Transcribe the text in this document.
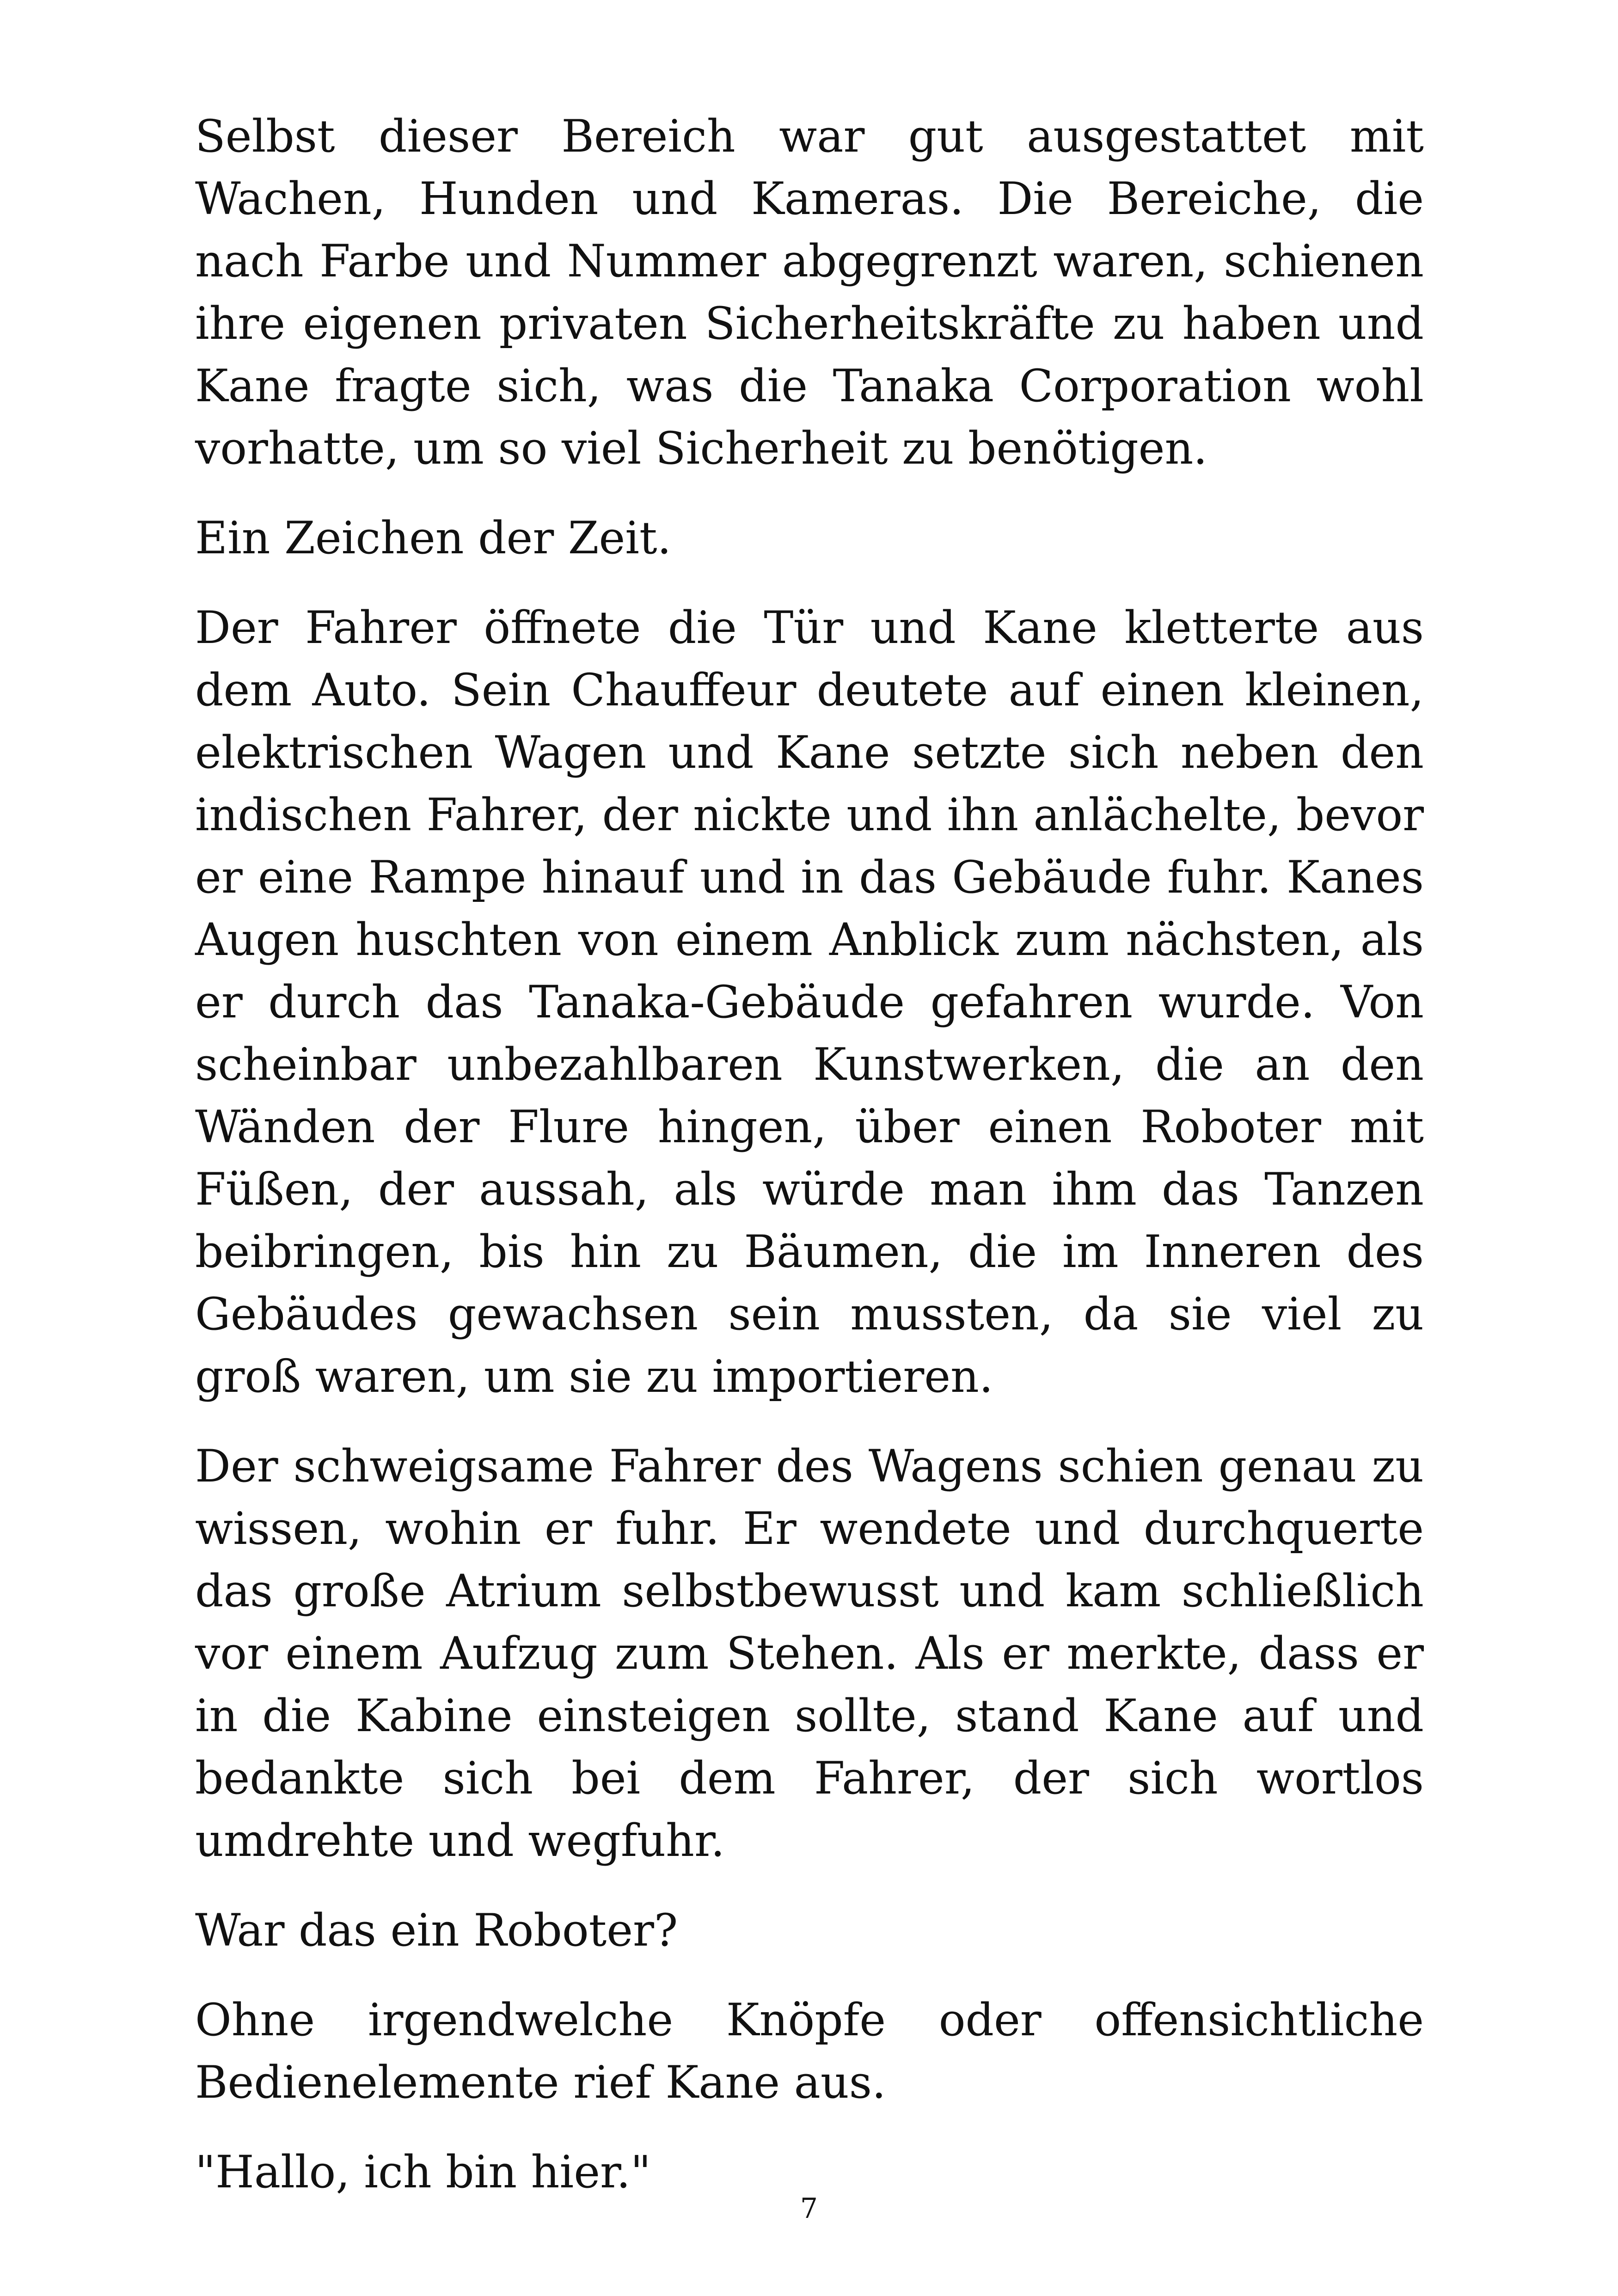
Selbst dieser Bereich war gut ausgestattet mit Wachen, Hunden und Kameras. Die Bereiche, die nach Farbe und Nummer abgegrenzt waren, schienen ihre eigenen privaten Sicherheitskräfte zu haben und Kane fragte sich, was die Tanaka Corporation wohl vorhatte, um so viel Sicherheit zu benötigen.

Ein Zeichen der Zeit.

Der Fahrer öffnete die Tür und Kane kletterte aus dem Auto. Sein Chauffeur deutete auf einen kleinen, elektrischen Wagen und Kane setzte sich neben den indischen Fahrer, der nickte und ihn anlächelte, bevor er eine Rampe hinauf und in das Gebäude fuhr. Kanes Augen huschten von einem Anblick zum nächsten, als er durch das Tanaka-Gebäude gefahren wurde. Von scheinbar unbezahlbaren Kunstwerken, die an den Wänden der Flure hingen, über einen Roboter mit Füßen, der aussah, als würde man ihm das Tanzen beibringen, bis hin zu Bäumen, die im Inneren des Gebäudes gewachsen sein mussten, da sie viel zu groß waren, um sie zu importieren.

Der schweigsame Fahrer des Wagens schien genau zu wissen, wohin er fuhr. Er wendete und durchquerte das große Atrium selbstbewusst und kam schließlich vor einem Aufzug zum Stehen. Als er merkte, dass er in die Kabine einsteigen sollte, stand Kane auf und bedankte sich bei dem Fahrer, der sich wortlos umdrehte und wegfuhr.

War das ein Roboter?

Ohne irgendwelche Knöpfe oder offensichtliche Bedienelemente rief Kane aus.

"Hallo, ich bin hier."

7
